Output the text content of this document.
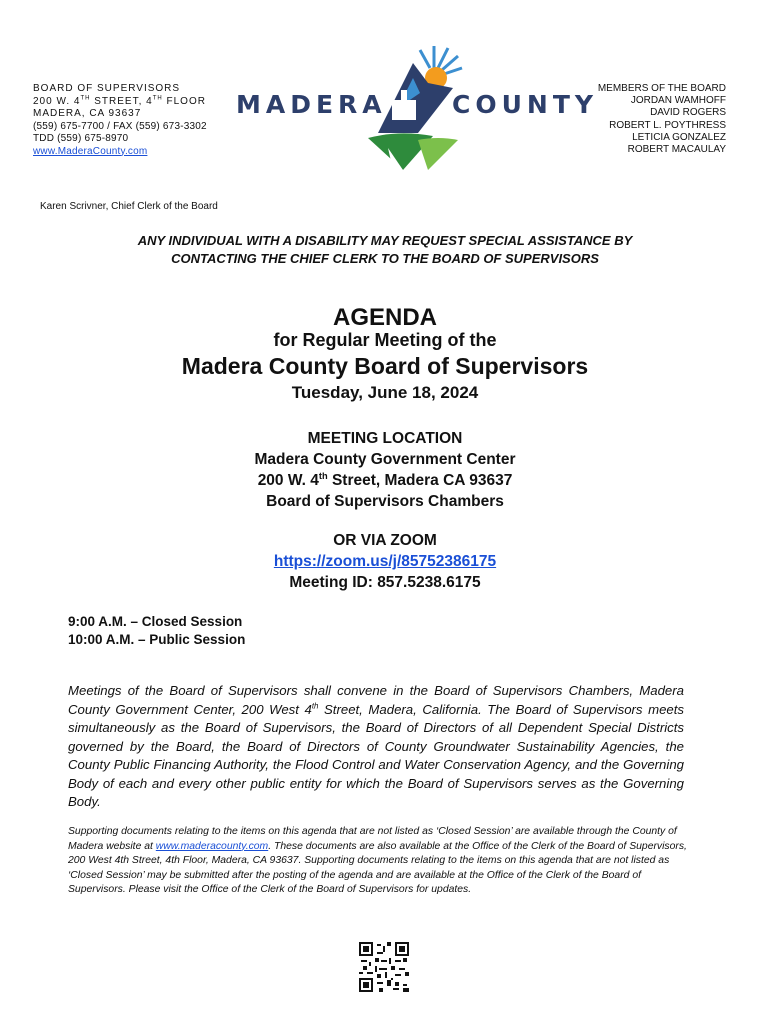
BOARD OF SUPERVISORS
200 W. 4TH STREET, 4TH FLOOR
MADERA, CA 93637
(559) 675-7700 / FAX (559) 673-3302
TDD (559) 675-8970
www.MaderaCounty.com
MADERA	COUNTY
MEMBERS OF THE BOARD
JORDAN WAMHOFF
DAVID ROGERS
ROBERT L. POYTHRESS
LETICIA GONZALEZ
ROBERT MACAULAY
Karen Scrivner, Chief Clerk of the Board
ANY INDIVIDUAL WITH A DISABILITY MAY REQUEST SPECIAL ASSISTANCE BY
CONTACTING THE CHIEF CLERK TO THE BOARD OF SUPERVISORS
AGENDA
for Regular Meeting of the
Madera County Board of Supervisors
Tuesday, June 18, 2024
MEETING LOCATION
Madera County Government Center
200 W. 4th Street, Madera CA 93637
Board of Supervisors Chambers
OR VIA ZOOM
https://zoom.us/j/85752386175
Meeting ID: 857.5238.6175
9:00 A.M. – Closed Session
10:00 A.M. – Public Session
Meetings of the Board of Supervisors shall convene in the Board of Supervisors Chambers, Madera County Government Center, 200 West 4th Street, Madera, California. The Board of Supervisors meets simultaneously as the Board of Supervisors, the Board of Directors of all Dependent Special Districts governed by the Board, the Board of Directors of County Groundwater Sustainability Agencies, the County Public Financing Authority, the Flood Control and Water Conservation Agency, and the Governing Body of each and every other public entity for which the Board of Supervisors serves as the Governing Body.
Supporting documents relating to the items on this agenda that are not listed as ‘Closed Session’ are available through the County of Madera website at www.maderacounty.com. These documents are also available at the Office of the Clerk of the Board of Supervisors, 200 West 4th Street, 4th Floor, Madera, CA 93637. Supporting documents relating to the items on this agenda that are not listed as ‘Closed Session’ may be submitted after the posting of the agenda and are available at the Office of the Clerk of the Board of Supervisors. Please visit the Office of the Clerk of the Board of Supervisors for updates.
